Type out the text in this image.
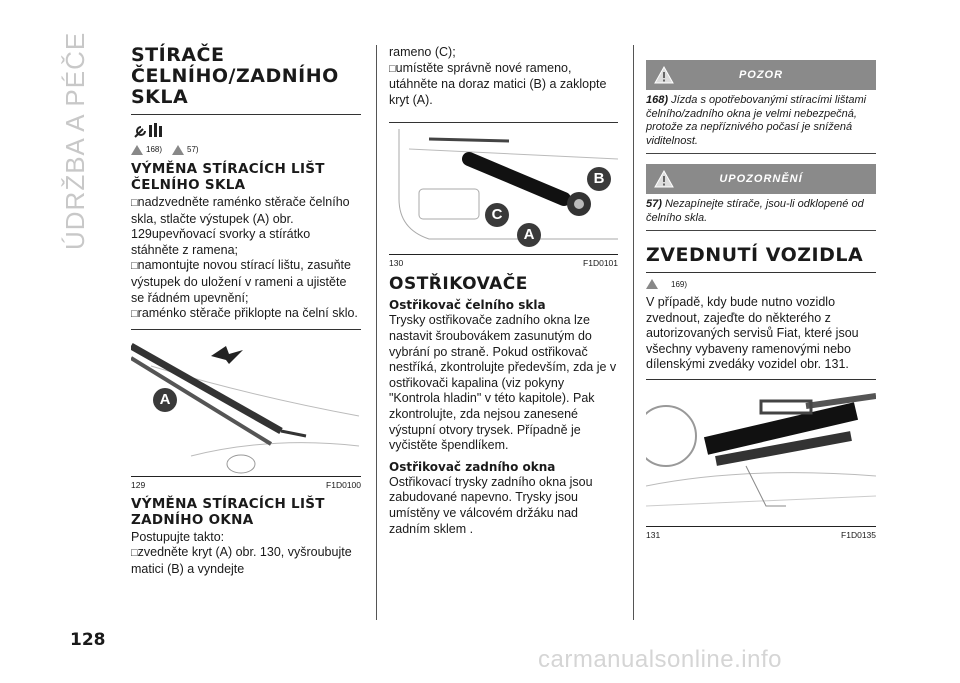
ÚDRŽBA A PÉČE STÍRAČE ČELNÍHO/ZADNÍHO SKLA
168)	57)
VÝMĚNA STÍRACÍCH LIŠT ČELNÍHO SKLA

□ nadzvedněte raménko stěrače čelního skla, stlačte výstupek (A) obr. 129upevňovací svorky a stírátko stáhněte z ramena;

□ namontujte novou stírací lištu, zasuňte výstupek do uložení v rameni a ujistěte se řádném upevnění;

□ raménko stěrače přiklopte na čelní sklo.

A
129	F1D0100
VÝMĚNA STÍRACÍCH LIŠT ZADNÍHO OKNA

Postupujte takto:

□ zvedněte kryt (A) obr. 130, vyšroubujte matici (B) a vyndejte

rameno (C);

□ umístěte správně nové rameno, utáhněte na doraz matici (B) a zaklopte kryt (A).

B
C
A
130	F1D0101
OSTŘIKOVAČE
Ostřikovač čelního skla

Trysky ostřikovače zadního okna lze nastavit šroubovákem zasunutým do vybrání po straně. Pokud ostřikovač nestříká, zkontrolujte především, zda je v ostřikovači kapalina (viz pokyny "Kontrola hladin" v této kapitole). Pak zkontrolujte, zda nejsou zanesené výstupní otvory trysek. Případně je vyčistěte špendlíkem.

Ostřikovač zadního okna

Ostřikovací trysky zadního okna jsou zabudované napevno. Trysky jsou umístěny ve válcovém držáku nad zadním sklem .

POZOR
168) Jízda s opotřebovanými stíracími lištami čelního/zadního okna je velmi nebezpečná, protože za nepříznivého počasí je snížená viditelnost.
UPOZORNĚNÍ
57) Nezapínejte stírače, jsou-li odklopené od čelního skla.
ZVEDNUTÍ VOZIDLA
169)

V případě, kdy bude nutno vozidlo zvednout, zajeďte do některého z autorizovaných servisů Fiat, které jsou všechny vybaveny ramenovými nebo dílenskými zvedáky vozidel obr. 131.

131	F1D0135
128
carmanualsonline.info
